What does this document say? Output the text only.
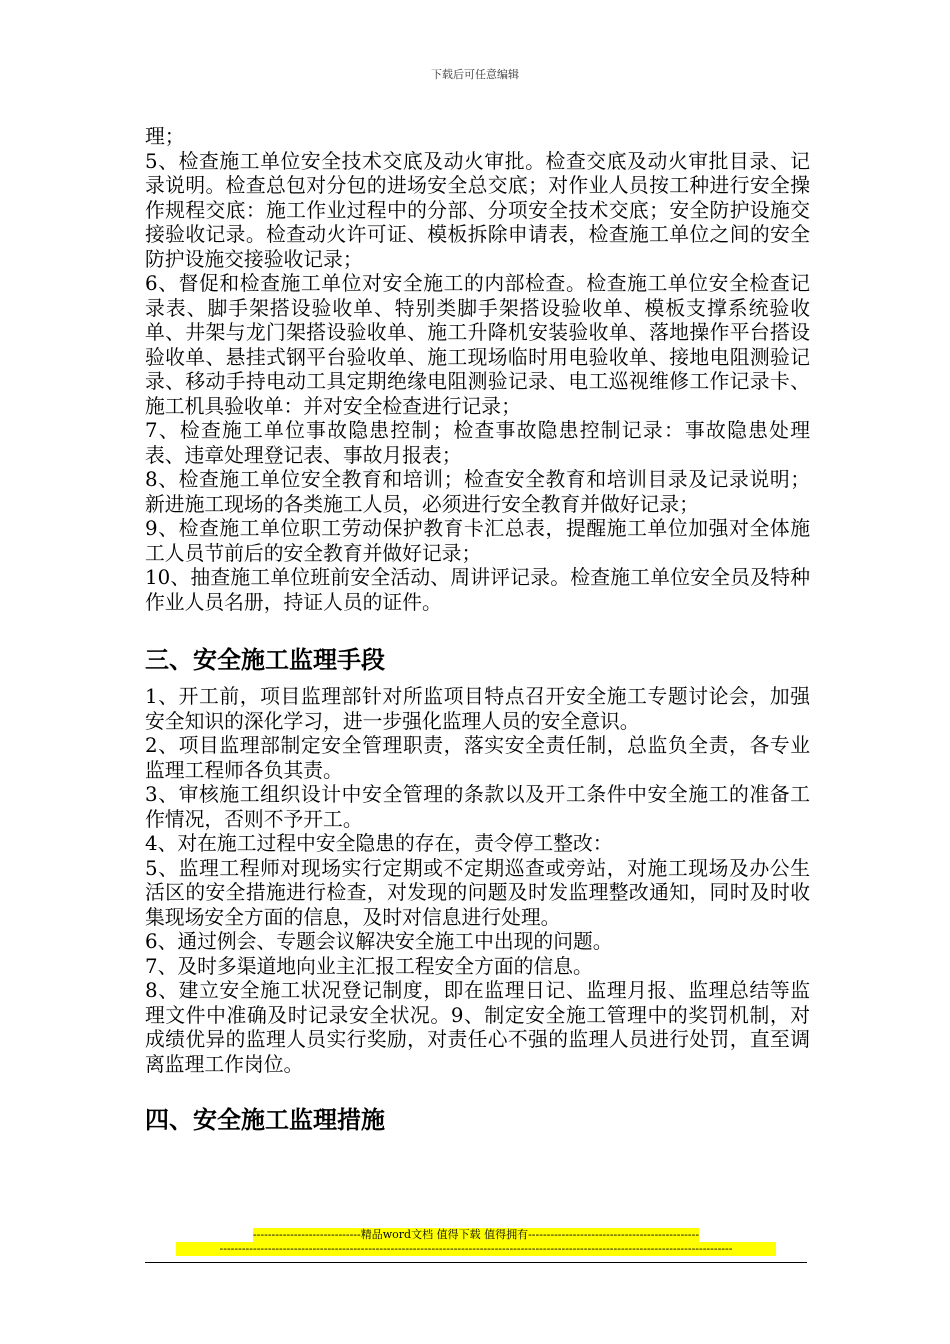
下载后可任意编辑

理；

5、检查施工单位安全技术交底及动火审批。检查交底及动火审批目录、记录说明。检查总包对分包的进场安全总交底；对作业人员按工种进行安全操作规程交底：施工作业过程中的分部、分项安全技术交底；安全防护设施交接验收记录。检查动火许可证、模板拆除申请表，检查施工单位之间的安全防护设施交接验收记录；

6、督促和检查施工单位对安全施工的内部检查。检查施工单位安全检查记录表、脚手架搭设验收单、特别类脚手架搭设验收单、模板支撑系统验收单、井架与龙门架搭设验收单、施工升降机安装验收单、落地操作平台搭设验收单、悬挂式钢平台验收单、施工现场临时用电验收单、接地电阻测验记录、移动手持电动工具定期绝缘电阻测验记录、电工巡视维修工作记录卡、施工机具验收单：并对安全检查进行记录；

7、检查施工单位事故隐患控制；检查事故隐患控制记录：事故隐患处理表、违章处理登记表、事故月报表；

8、检查施工单位安全教育和培训；检查安全教育和培训目录及记录说明；新进施工现场的各类施工人员，必须进行安全教育并做好记录；

9、检查施工单位职工劳动保护教育卡汇总表，提醒施工单位加强对全体施工人员节前后的安全教育并做好记录；

10、抽查施工单位班前安全活动、周讲评记录。检查施工单位安全员及特种作业人员名册，持证人员的证件。

三、安全施工监理手段

1、开工前，项目监理部针对所监项目特点召开安全施工专题讨论会，加强安全知识的深化学习，进一步强化监理人员的安全意识。

2、项目监理部制定安全管理职责，落实安全责任制，总监负全责，各专业监理工程师各负其责。

3、审核施工组织设计中安全管理的条款以及开工条件中安全施工的准备工作情况，否则不予开工。

4、对在施工过程中安全隐患的存在，责令停工整改：

5、监理工程师对现场实行定期或不定期巡查或旁站，对施工现场及办公生活区的安全措施进行检查，对发现的问题及时发监理整改通知，同时及时收集现场安全方面的信息，及时对信息进行处理。

6、通过例会、专题会议解决安全施工中出现的问题。

7、及时多渠道地向业主汇报工程安全方面的信息。

8、建立安全施工状况登记制度，即在监理日记、监理月报、监理总结等监理文件中准确及时记录安全状况。9、制定安全施工管理中的奖罚机制，对成绩优异的监理人员实行奖励，对责任心不强的监理人员进行处罚，直至调离监理工作岗位。

四、安全施工监理措施
-----------------------------精品word文档 值得下载 值得拥有----------------------------------------------
------------------------------------------------------------------------------------------------------------------------------------------
